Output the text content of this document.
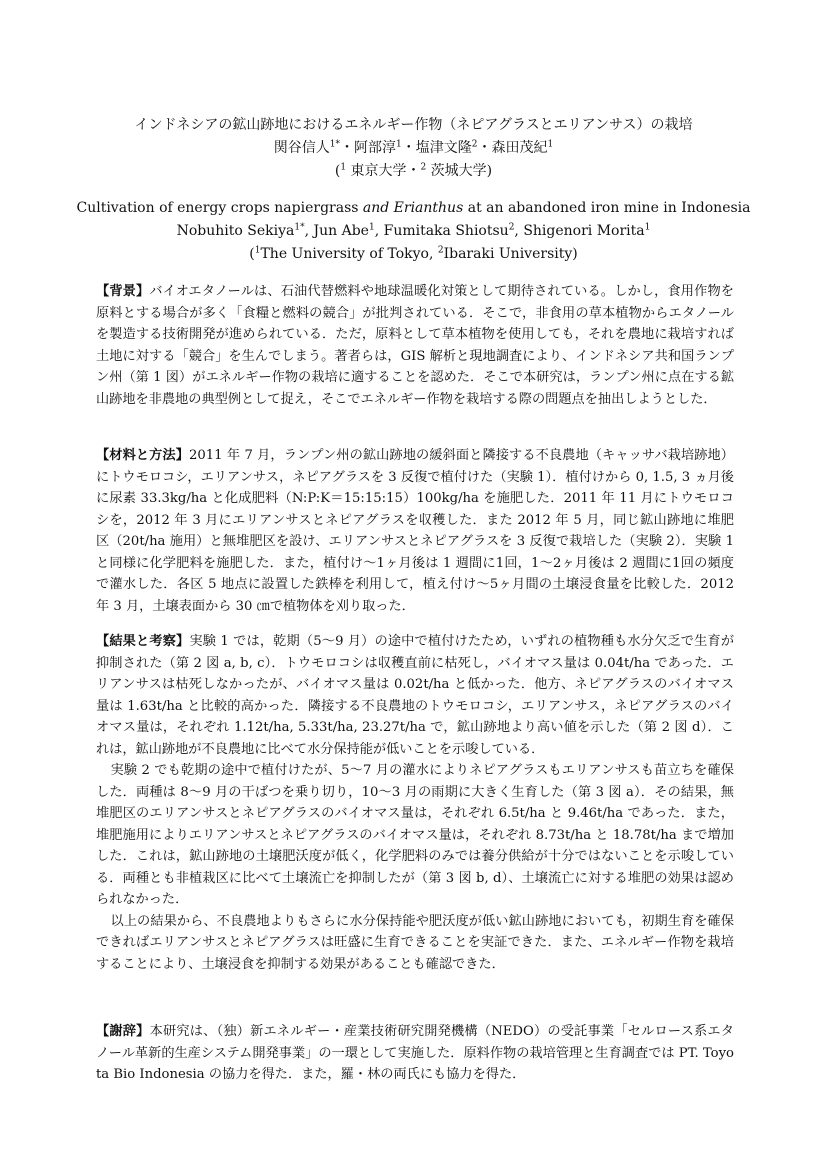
インドネシアの鉱山跡地におけるエネルギー作物（ネピアグラスとエリアンサス）の栽培

関谷信人$^{1*}$・阿部淳$^1$・塩津文隆$^2$・森田茂紀$^1$

($^1$ 東京大学・$^2$ 茨城大学)

Cultivation of energy crops napiergrass and Erianthus at an abandoned iron mine in Indonesia

Nobuhito Sekiya$^{1*}$, Jun Abe$^1$, Fumitaka Shiotsu$^2$, Shigenori Morita$^1$

($^1$The University of Tokyo, $^2$Ibaraki University)

【背景】バイオエタノールは、石油代替燃料や地球温暖化対策として期待されている。しかし，食用作物を原料とする場合が多く「食糧と燃料の競合」が批判されている．そこで，非食用の草本植物からエタノールを製造する技術開発が進められている．ただ，原料として草本植物を使用しても，それを農地に栽培すれば土地に対する「競合」を生んでしまう。著者らは，GIS 解析と現地調査により、インドネシア共和国ランプン州（第 1 図）がエネルギー作物の栽培に適することを認めた．そこで本研究は，ランプン州に点在する鉱山跡地を非農地の典型例として捉え，そこでエネルギー作物を栽培する際の問題点を抽出しようとした．

【材料と方法】2011 年 7 月，ランプン州の鉱山跡地の緩斜面と隣接する不良農地（キャッサバ栽培跡地）にトウモロコシ，エリアンサス，ネピアグラスを 3 反復で植付けた（実験 1）．植付けから 0, 1.5, 3 ヵ月後に尿素 33.3kg/ha と化成肥料（N:P:K＝15:15:15）100kg/ha を施肥した．2011 年 11 月にトウモロコシを，2012 年 3 月にエリアンサスとネピアグラスを収穫した．また 2012 年 5 月，同じ鉱山跡地に堆肥区（20t/ha 施用）と無堆肥区を設け、エリアンサスとネピアグラスを 3 反復で栽培した（実験 2）．実験 1 と同様に化学肥料を施肥した．また，植付け～1ヶ月後は 1 週間に1回，1～2ヶ月後は 2 週間に1回の頻度で灌水した．各区 5 地点に設置した鉄棒を利用して，植え付け～5ヶ月間の土壌浸食量を比較した．2012 年 3 月，土壌表面から 30 ㎝で植物体を刈り取った．

【結果と考察】実験 1 では，乾期（5～9 月）の途中で植付けたため，いずれの植物種も水分欠乏で生育が抑制された（第 2 図 a, b, c）．トウモロコシは収穫直前に枯死し，バイオマス量は 0.04t/ha であった．エリアンサスは枯死しなかったが、バイオマス量は 0.02t/ha と低かった．他方、ネピアグラスのバイオマス量は 1.63t/ha と比較的高かった．隣接する不良農地のトウモロコシ，エリアンサス，ネピアグラスのバイオマス量は，それぞれ 1.12t/ha, 5.33t/ha, 23.27t/ha で，鉱山跡地より高い値を示した（第 2 図 d）．これは，鉱山跡地が不良農地に比べて水分保持能が低いことを示唆している．

実験 2 でも乾期の途中で植付けたが、5～7 月の灌水によりネピアグラスもエリアンサスも苗立ちを確保した．両種は 8～9 月の干ばつを乗り切り，10～3 月の雨期に大きく生育した（第 3 図 a）．その結果，無堆肥区のエリアンサスとネピアグラスのバイオマス量は，それぞれ 6.5t/ha と 9.46t/ha であった．また，堆肥施用によりエリアンサスとネピアグラスのバイオマス量は，それぞれ 8.73t/ha と 18.78t/ha まで増加した．これは，鉱山跡地の土壌肥沃度が低く，化学肥料のみでは養分供給が十分ではないことを示唆している．両種とも非植栽区に比べて土壌流亡を抑制したが（第 3 図 b, d）、土壌流亡に対する堆肥の効果は認められなかった．

以上の結果から、不良農地よりもさらに水分保持能や肥沃度が低い鉱山跡地においても，初期生育を確保できればエリアンサスとネピアグラスは旺盛に生育できることを実証できた．また、エネルギー作物を栽培することにより、土壌浸食を抑制する効果があることも確認できた．

【謝辞】本研究は、（独）新エネルギー・産業技術研究開発機構（NEDO）の受託事業「セルロース系エタノール革新的生産システム開発事業」の一環として実施した．原料作物の栽培管理と生育調査では PT. Toyota Bio Indonesia の協力を得た．また，羅・林の両氏にも協力を得た．
